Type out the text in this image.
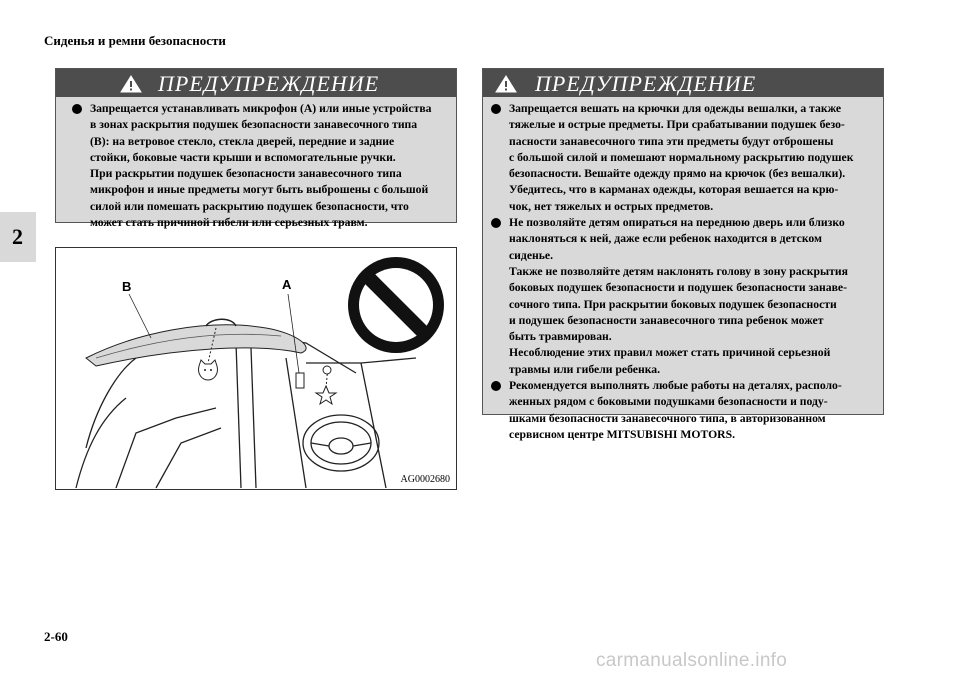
Сиденья и ремни безопасности
2
ПРЕДУПРЕЖДЕНИЕ
Запрещается устанавливать микрофон (A) или иные устройства
в зонах раскрытия подушек безопасности занавесочного типа
(B): на ветровое стекло, стекла дверей, передние и задние
стойки, боковые части крыши и вспомогательные ручки.
При раскрытии подушек безопасности занавесочного типа
микрофон и иные предметы могут быть выброшены с большой
силой или помешать раскрытию подушек безопасности, что
может стать причиной гибели или серьезных травм.
ПРЕДУПРЕЖДЕНИЕ
Запрещается вешать на крючки для одежды вешалки, а также
тяжелые и острые предметы. При срабатывании подушек безо-
пасности занавесочного типа эти предметы будут отброшены
с большой силой и помешают нормальному раскрытию подушек
безопасности. Вешайте одежду прямо на крючок (без вешалки).
Убедитесь, что в карманах одежды, которая вешается на крю-
чок, нет тяжелых и острых предметов.
Не позволяйте детям опираться на переднюю дверь или близко
наклоняться к ней, даже если ребенок находится в детском
сиденье.
Также не позволяйте детям наклонять голову в зону раскрытия
боковых подушек безопасности и подушек безопасности занаве-
сочного типа. При раскрытии боковых подушек безопасности
и подушек безопасности занавесочного типа ребенок может
быть травмирован.
Несоблюдение этих правил может стать причиной серьезной
травмы или гибели ребенка.
Рекомендуется выполнять любые работы на деталях, располо-
женных рядом с боковыми подушками безопасности и поду-
шками безопасности занавесочного типа, в авторизованном
сервисном центре MITSUBISHI MOTORS.
B	A
AG0002680
2-60
carmanualsonline.info
